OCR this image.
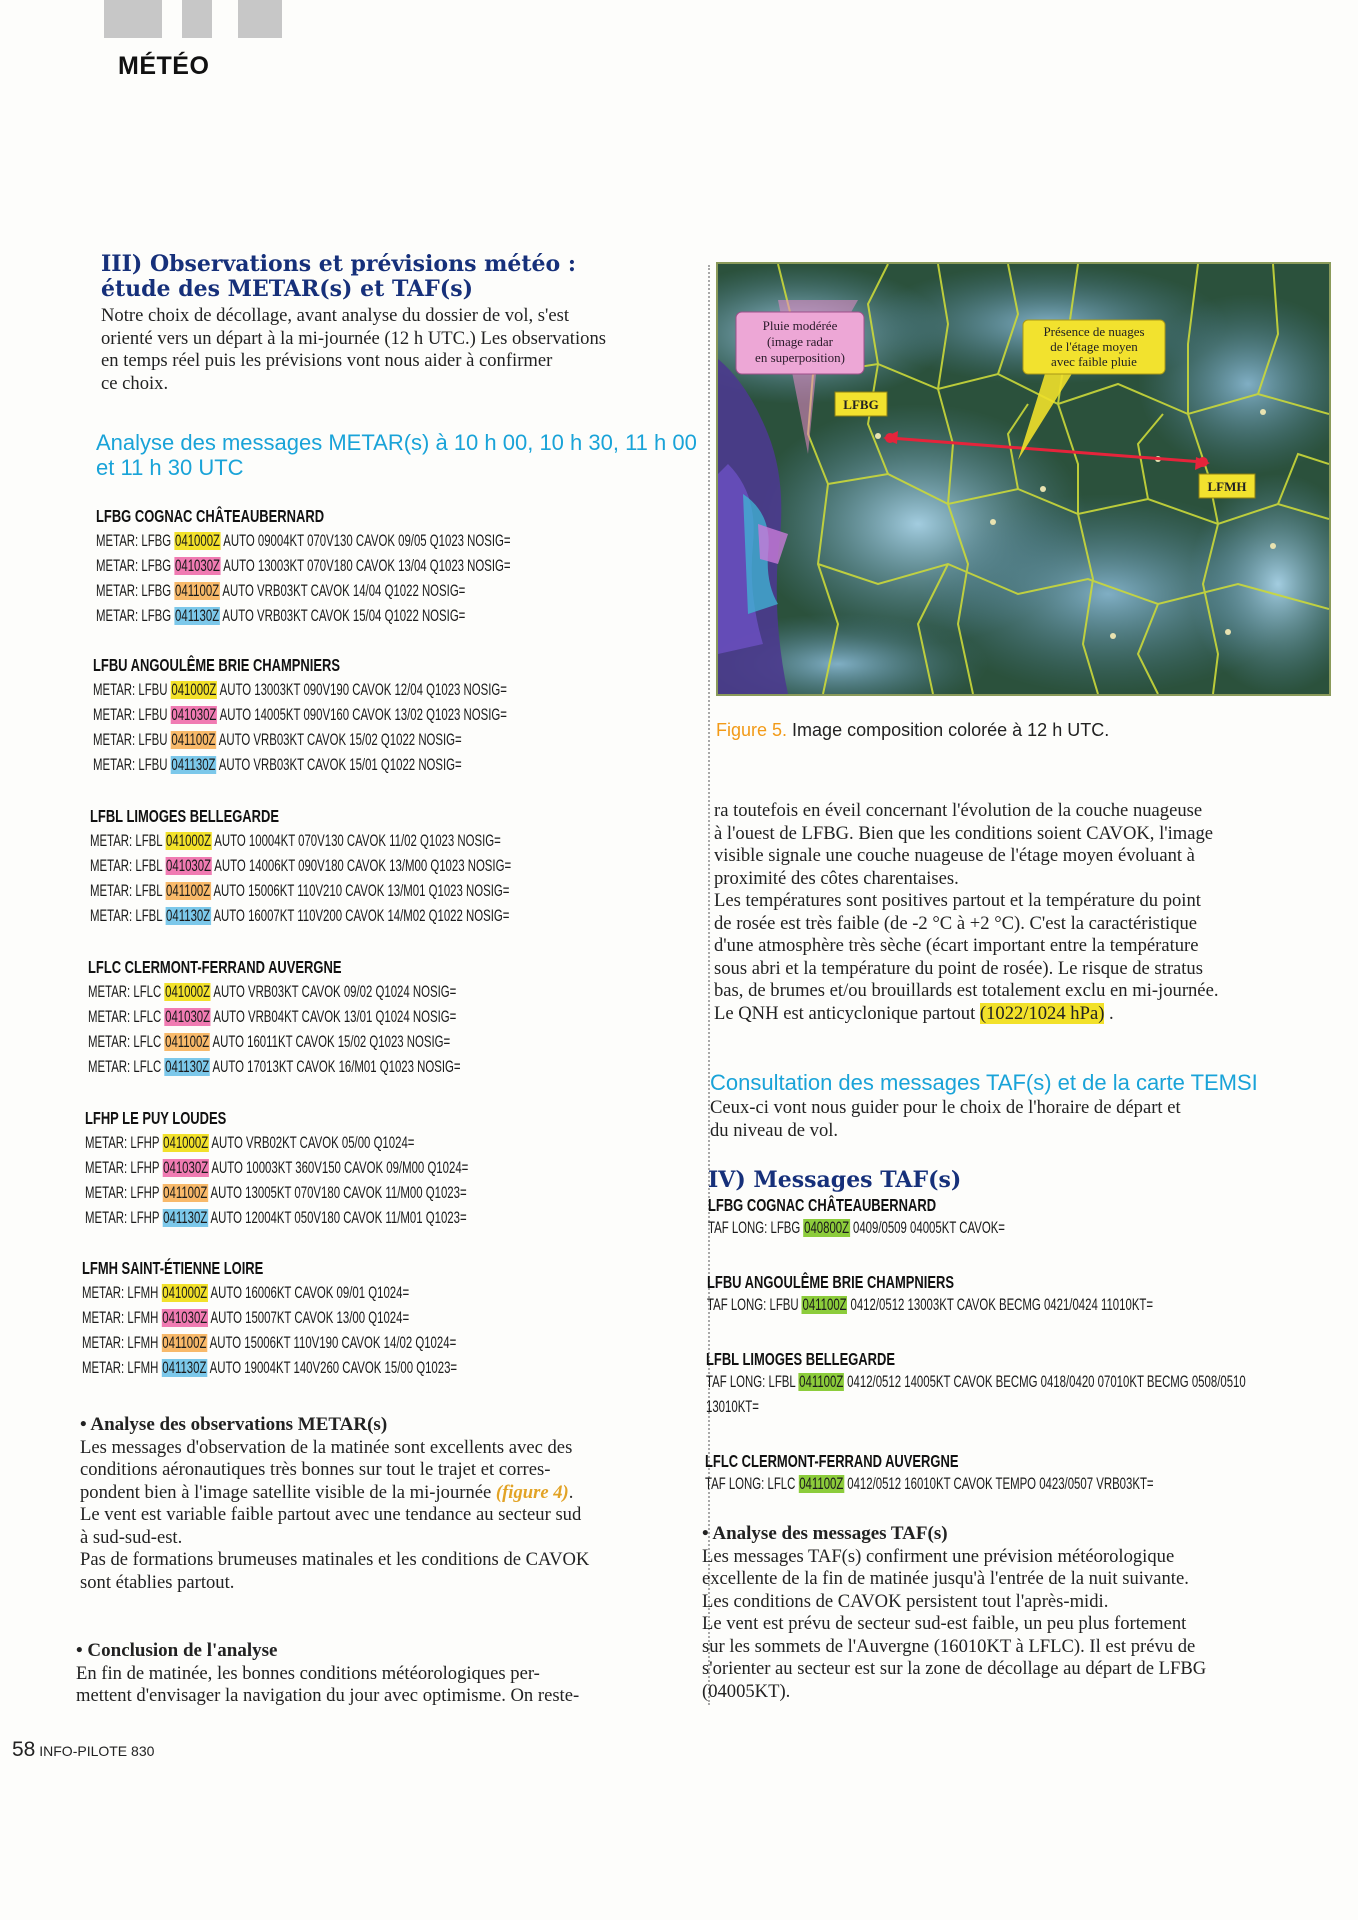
MÉTÉO
III) Observations et prévisions météo :
étude des METAR(s) et TAF(s)
Notre choix de décollage, avant analyse du dossier de vol, s'est
orienté vers un départ à la mi-journée (12 h UTC.) Les observations
en temps réel puis les prévisions vont nous aider à confirmer
ce choix.
Analyse des messages METAR(s) à 10 h 00, 10 h 30, 11 h 00
et 11 h 30 UTC
LFBG COGNAC CHÂTEAUBERNARD
METAR: LFBG 041000Z AUTO 09004KT 070V130 CAVOK 09/05 Q1023 NOSIG=
METAR: LFBG 041030Z AUTO 13003KT 070V180 CAVOK 13/04 Q1023 NOSIG=
METAR: LFBG 041100Z AUTO VRB03KT CAVOK 14/04 Q1022 NOSIG=
METAR: LFBG 041130Z AUTO VRB03KT CAVOK 15/04 Q1022 NOSIG=
LFBU ANGOULÊME BRIE CHAMPNIERS
METAR: LFBU 041000Z AUTO 13003KT 090V190 CAVOK 12/04 Q1023 NOSIG=
METAR: LFBU 041030Z AUTO 14005KT 090V160 CAVOK 13/02 Q1023 NOSIG=
METAR: LFBU 041100Z AUTO VRB03KT CAVOK 15/02 Q1022 NOSIG=
METAR: LFBU 041130Z AUTO VRB03KT CAVOK 15/01 Q1022 NOSIG=
LFBL LIMOGES BELLEGARDE
METAR: LFBL 041000Z AUTO 10004KT 070V130 CAVOK 11/02 Q1023 NOSIG=
METAR: LFBL 041030Z AUTO 14006KT 090V180 CAVOK 13/M00 Q1023 NOSIG=
METAR: LFBL 041100Z AUTO 15006KT 110V210 CAVOK 13/M01 Q1023 NOSIG=
METAR: LFBL 041130Z AUTO 16007KT 110V200 CAVOK 14/M02 Q1022 NOSIG=
LFLC CLERMONT-FERRAND AUVERGNE
METAR: LFLC 041000Z AUTO VRB03KT CAVOK 09/02 Q1024 NOSIG=
METAR: LFLC 041030Z AUTO VRB04KT CAVOK 13/01 Q1024 NOSIG=
METAR: LFLC 041100Z AUTO 16011KT CAVOK 15/02 Q1023 NOSIG=
METAR: LFLC 041130Z AUTO 17013KT CAVOK 16/M01 Q1023 NOSIG=
LFHP LE PUY LOUDES
METAR: LFHP 041000Z AUTO VRB02KT CAVOK 05/00 Q1024=
METAR: LFHP 041030Z AUTO 10003KT 360V150 CAVOK 09/M00 Q1024=
METAR: LFHP 041100Z AUTO 13005KT 070V180 CAVOK 11/M00 Q1023=
METAR: LFHP 041130Z AUTO 12004KT 050V180 CAVOK 11/M01 Q1023=
LFMH SAINT-ÉTIENNE LOIRE
METAR: LFMH 041000Z AUTO 16006KT CAVOK 09/01 Q1024=
METAR: LFMH 041030Z AUTO 15007KT CAVOK 13/00 Q1024=
METAR: LFMH 041100Z AUTO 15006KT 110V190 CAVOK 14/02 Q1024=
METAR: LFMH 041130Z AUTO 19004KT 140V260 CAVOK 15/00 Q1023=
• Analyse des observations METAR(s)
Les messages d'observation de la matinée sont excellents avec des
conditions aéronautiques très bonnes sur tout le trajet et corres-
pondent bien à l'image satellite visible de la mi-journée (figure 4).
Le vent est variable faible partout avec une tendance au secteur sud
à sud-sud-est.
Pas de formations brumeuses matinales et les conditions de CAVOK
sont établies partout.
• Conclusion de l'analyse
En fin de matinée, les bonnes conditions météorologiques per-
mettent d'envisager la navigation du jour avec optimisme. On reste-
Pluie modérée
(image radar
en superposition)
Présence de nuages
de l'étage moyen
avec faible pluie
LFBG
LFMH
Figure 5. Image composition colorée à 12 h UTC.
ra toutefois en éveil concernant l'évolution de la couche nuageuse
à l'ouest de LFBG. Bien que les conditions soient CAVOK, l'image
visible signale une couche nuageuse de l'étage moyen évoluant à
proximité des côtes charentaises.
Les températures sont positives partout et la température du point
de rosée est très faible (de -2 °C à +2 °C). C'est la caractéristique
d'une atmosphère très sèche (écart important entre la température
sous abri et la température du point de rosée). Le risque de stratus
bas, de brumes et/ou brouillards est totalement exclu en mi-journée.
Le QNH est anticyclonique partout (1022/1024 hPa) .
Consultation des messages TAF(s) et de la carte TEMSI
Ceux-ci vont nous guider pour le choix de l'horaire de départ et
du niveau de vol.
IV) Messages TAF(s)
LFBG COGNAC CHÂTEAUBERNARD
TAF LONG: LFBG 040800Z 0409/0509 04005KT CAVOK=
LFBU ANGOULÊME BRIE CHAMPNIERS
TAF LONG: LFBU 041100Z 0412/0512 13003KT CAVOK BECMG 0421/0424 11010KT=
LFBL LIMOGES BELLEGARDE
TAF LONG: LFBL 041100Z 0412/0512 14005KT CAVOK BECMG 0418/0420 07010KT BECMG 0508/0510
13010KT=
LFLC CLERMONT-FERRAND AUVERGNE
TAF LONG: LFLC 041100Z 0412/0512 16010KT CAVOK TEMPO 0423/0507 VRB03KT=
• Analyse des messages TAF(s)
Les messages TAF(s) confirment une prévision météorologique
excellente de la fin de matinée jusqu'à l'entrée de la nuit suivante.
Les conditions de CAVOK persistent tout l'après-midi.
Le vent est prévu de secteur sud-est faible, un peu plus fortement
sur les sommets de l'Auvergne (16010KT à LFLC). Il est prévu de
s'orienter au secteur est sur la zone de décollage au départ de LFBG
(04005KT).
58 INFO-PILOTE 830
